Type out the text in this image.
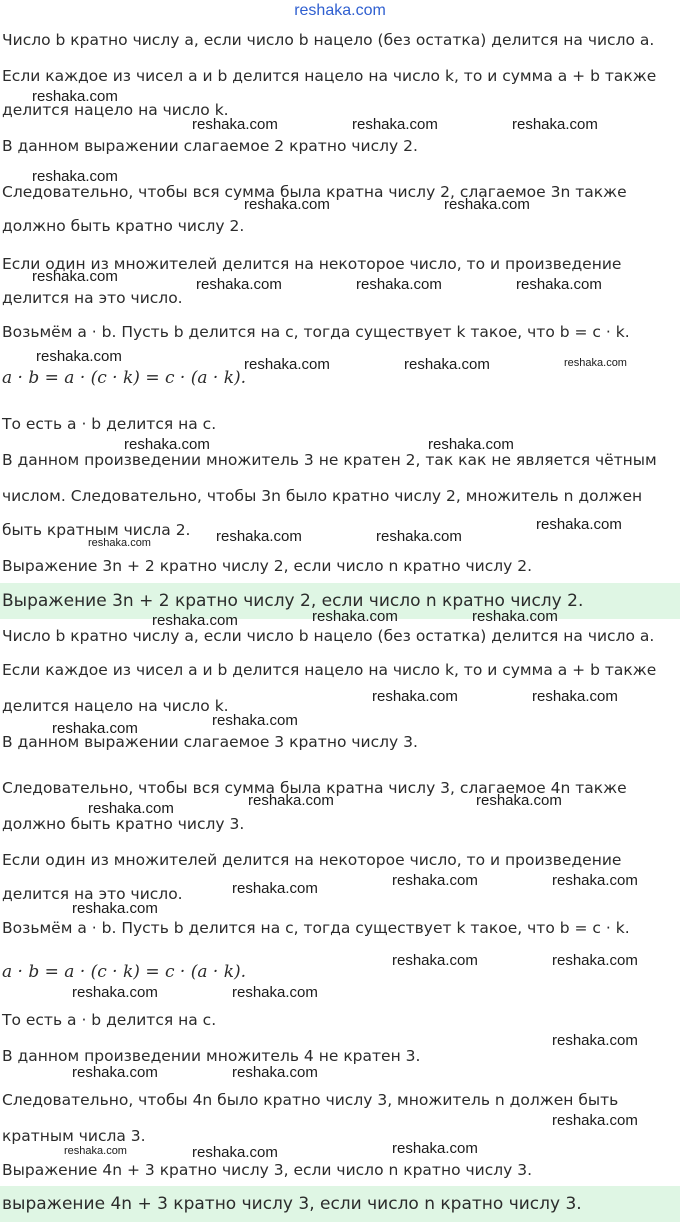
reshaka.com
Число b кратно числу a, если число b нацело (без остатка) делится на число a.
Если каждое из чисел a и b делится нацело на число k, то и сумма a + b также
делится нацело на число k.
В данном выражении слагаемое 2 кратно числу 2.
Следовательно, чтобы вся сумма была кратна числу 2, слагаемое 3n также
должно быть кратно числу 2.
Если один из множителей делится на некоторое число, то и произведение
делится на это число.
Возьмём a · b. Пусть b делится на c, тогда существует k такое, что b = c · k.
a · b = a · (c · k) = c · (a · k).
То есть a · b делится на c.
В данном произведении множитель 3 не кратен 2, так как не является чётным
числом. Следовательно, чтобы 3n было кратно числу 2, множитель n должен
быть кратным числа 2.
Выражение 3n + 2 кратно числу 2, если число n кратно числу 2.
Выражение 3n + 2 кратно числу 2, если число n кратно числу 2.
Число b кратно числу a, если число b нацело (без остатка) делится на число a.
Если каждое из чисел a и b делится нацело на число k, то и сумма a + b также
делится нацело на число k.
В данном выражении слагаемое 3 кратно числу 3.
Следовательно, чтобы вся сумма была кратна числу 3, слагаемое 4n также
должно быть кратно числу 3.
Если один из множителей делится на некоторое число, то и произведение
делится на это число.
Возьмём a · b. Пусть b делится на c, тогда существует k такое, что b = c · k.
a · b = a · (c · k) = c · (a · k).
То есть a · b делится на c.
В данном произведении множитель 4 не кратен 3.
Следовательно, чтобы 4n было кратно числу 3, множитель n должен быть
кратным числа 3.
Выражение 4n + 3 кратно числу 3, если число n кратно числу 3.
выражение 4n + 3 кратно числу 3, если число n кратно числу 3.
reshaka.com
reshaka.com	reshaka.com	reshaka.com
reshaka.com
reshaka.com	reshaka.com
reshaka.com	reshaka.com	reshaka.com	reshaka.com
reshaka.com	reshaka.com	reshaka.com	reshaka.com
reshaka.com	reshaka.com
reshaka.com
reshaka.com	reshaka.com
reshaka.com
reshaka.com	reshaka.com
reshaka.com
reshaka.com	reshaka.com
reshaka.com
reshaka.com
reshaka.com	reshaka.com
reshaka.com
reshaka.com	reshaka.com
reshaka.com
reshaka.com
reshaka.com	reshaka.com
reshaka.com	reshaka.com
reshaka.com
reshaka.com	reshaka.com
reshaka.com
reshaka.com
reshaka.com
reshaka.com
